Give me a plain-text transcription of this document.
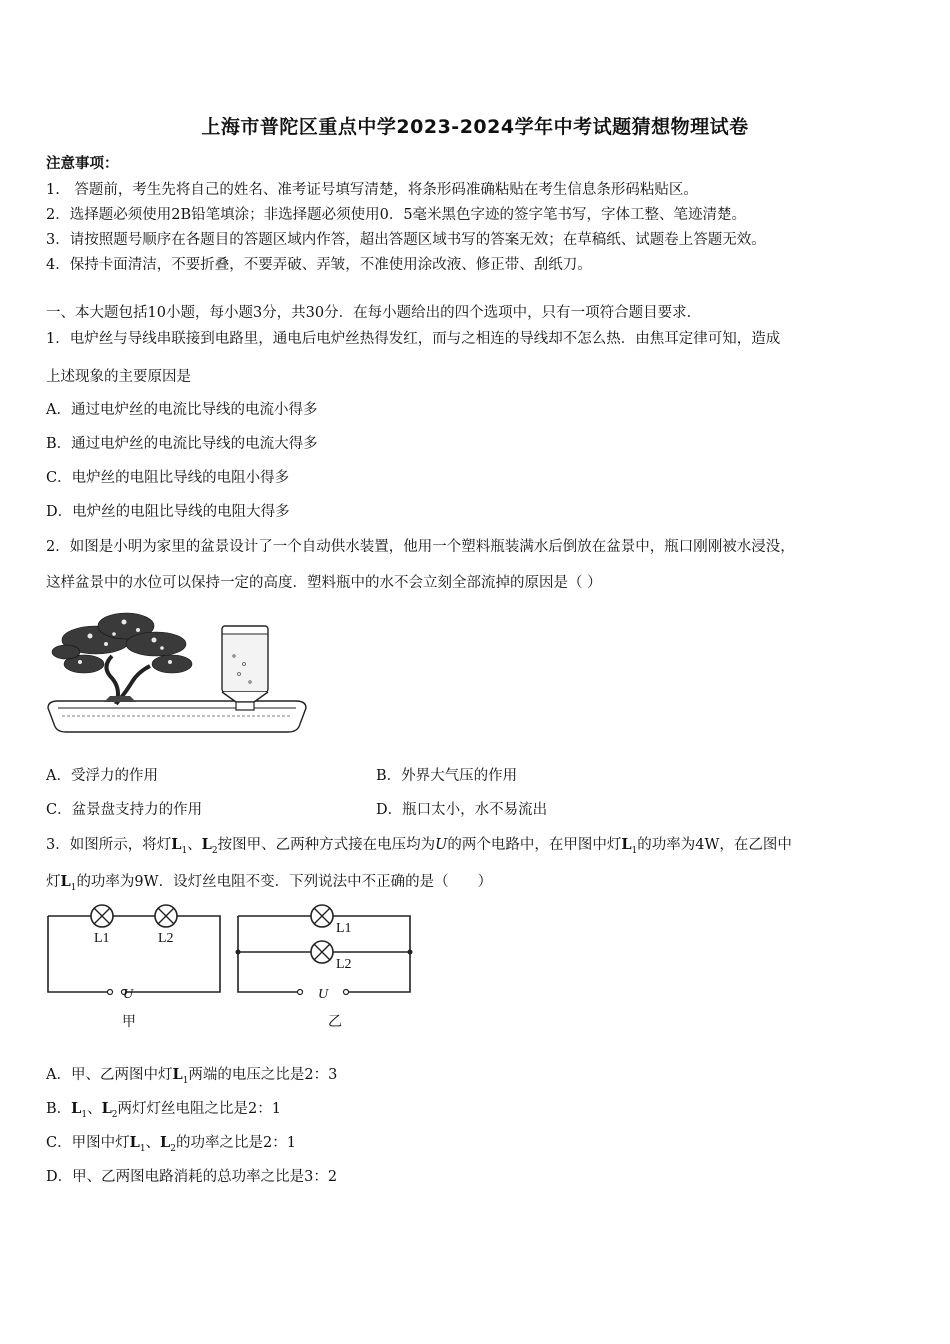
上海市普陀区重点中学2023-2024学年中考试题猜想物理试卷
注意事项：
1.　答题前，考生先将自己的姓名、准考证号填写清楚，将条形码准确粘贴在考生信息条形码粘贴区。
2．选择题必须使用2B铅笔填涂；非选择题必须使用0．5毫米黑色字迹的签字笔书写，字体工整、笔迹清楚。
3．请按照题号顺序在各题目的答题区域内作答，超出答题区域书写的答案无效；在草稿纸、试题卷上答题无效。
4．保持卡面清洁，不要折叠，不要弄破、弄皱，不准使用涂改液、修正带、刮纸刀。
一、本大题包括10小题，每小题3分，共30分．在每小题给出的四个选项中，只有一项符合题目要求．
1．电炉丝与导线串联接到电路里，通电后电炉丝热得发红，而与之相连的导线却不怎么热．由焦耳定律可知，造成
上述现象的主要原因是
A．通过电炉丝的电流比导线的电流小得多
B．通过电炉丝的电流比导线的电流大得多
C．电炉丝的电阻比导线的电阻小得多
D．电炉丝的电阻比导线的电阻大得多
2．如图是小明为家里的盆景设计了一个自动供水装置，他用一个塑料瓶装满水后倒放在盆景中，瓶口刚刚被水浸没，
这样盆景中的水位可以保持一定的高度．塑料瓶中的水不会立刻全部流掉的原因是（ ）
A．受浮力的作用	B．外界大气压的作用
C．盆景盘支持力的作用	D．瓶口太小，水不易流出
3．如图所示，将灯$L_1$、$L_2$按图甲、乙两种方式接在电压均为U的两个电路中，在甲图中灯$L_1$的功率为4W，在乙图中
灯$L_1$的功率为9W．设灯丝电阻不变．下列说法中不正确的是（　　）
L1	L2
U
甲
L1
L2
U
乙
A．甲、乙两图中灯$L_1$两端的电压之比是2：3
B．$L_1$、$L_2$两灯灯丝电阻之比是2：1
C．甲图中灯$L_1$、$L_2$的功率之比是2：1
D．甲、乙两图电路消耗的总功率之比是3：2
